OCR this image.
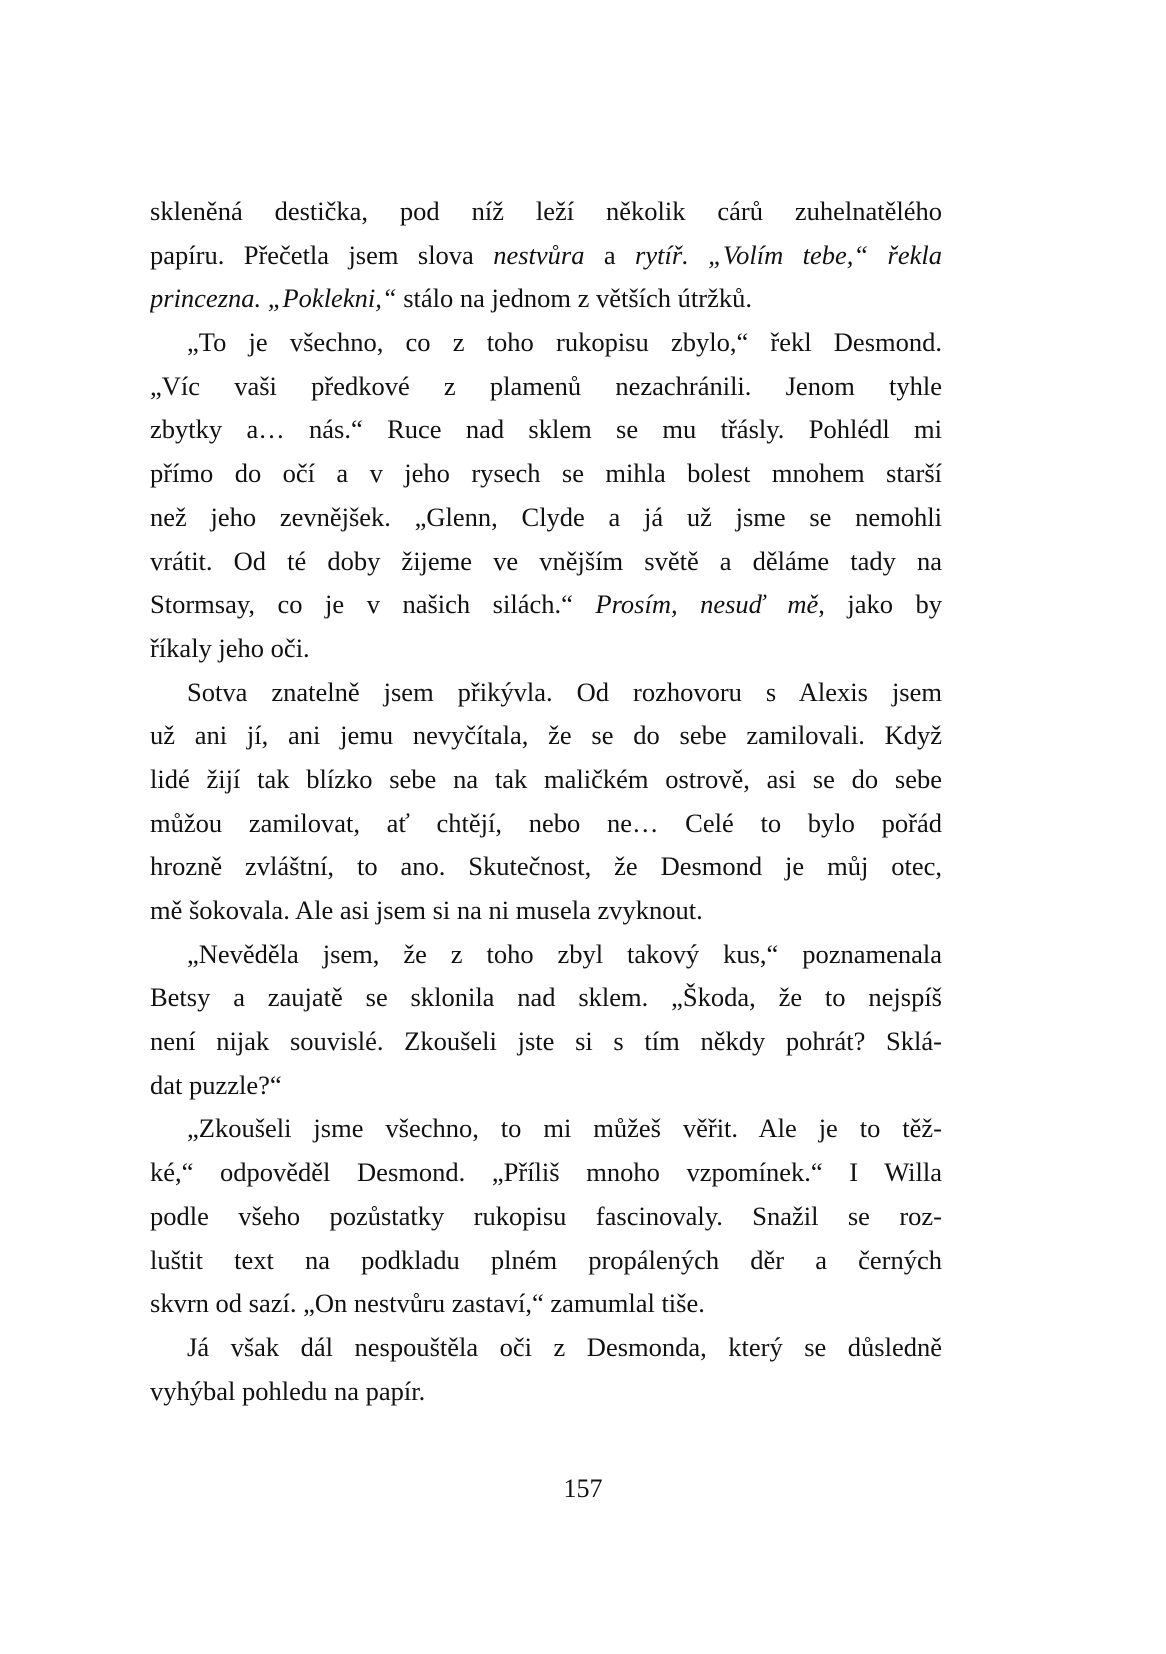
skleněná destička, pod níž leží několik cárů zuhelnatělého
papíru. Přečetla jsem slova nestvůra a rytíř. „Volím tebe,“ řekla
princezna. „Poklekni,“ stálo na jednom z větších útržků.
„To je všechno, co z toho rukopisu zbylo,“ řekl Desmond.
„Víc vaši předkové z plamenů nezachránili. Jenom tyhle
zbytky a… nás.“ Ruce nad sklem se mu třásly. Pohlédl mi
přímo do očí a v jeho rysech se mihla bolest mnohem starší
než jeho zevnějšek. „Glenn, Clyde a já už jsme se nemohli
vrátit. Od té doby žijeme ve vnějším světě a děláme tady na
Stormsay, co je v našich silách.“ Prosím, nesuď mě, jako by
říkaly jeho oči.
Sotva znatelně jsem přikývla. Od rozhovoru s Alexis jsem
už ani jí, ani jemu nevyčítala, že se do sebe zamilovali. Když
lidé žijí tak blízko sebe na tak maličkém ostrově, asi se do sebe
můžou zamilovat, ať chtějí, nebo ne… Celé to bylo pořád
hrozně zvláštní, to ano. Skutečnost, že Desmond je můj otec,
mě šokovala. Ale asi jsem si na ni musela zvyknout.
„Nevěděla jsem, že z toho zbyl takový kus,“ poznamenala
Betsy a zaujatě se sklonila nad sklem. „Škoda, že to nejspíš
není nijak souvislé. Zkoušeli jste si s tím někdy pohrát? Sklá-
dat puzzle?“
„Zkoušeli jsme všechno, to mi můžeš věřit. Ale je to těž-
ké,“ odpověděl Desmond. „Příliš mnoho vzpomínek.“ I Willa
podle všeho pozůstatky rukopisu fascinovaly. Snažil se roz-
luštit text na podkladu plném propálených děr a černých
skvrn od sazí. „On nestvůru zastaví,“ zamumlal tiše.
Já však dál nespouštěla oči z Desmonda, který se důsledně
vyhýbal pohledu na papír.
157
